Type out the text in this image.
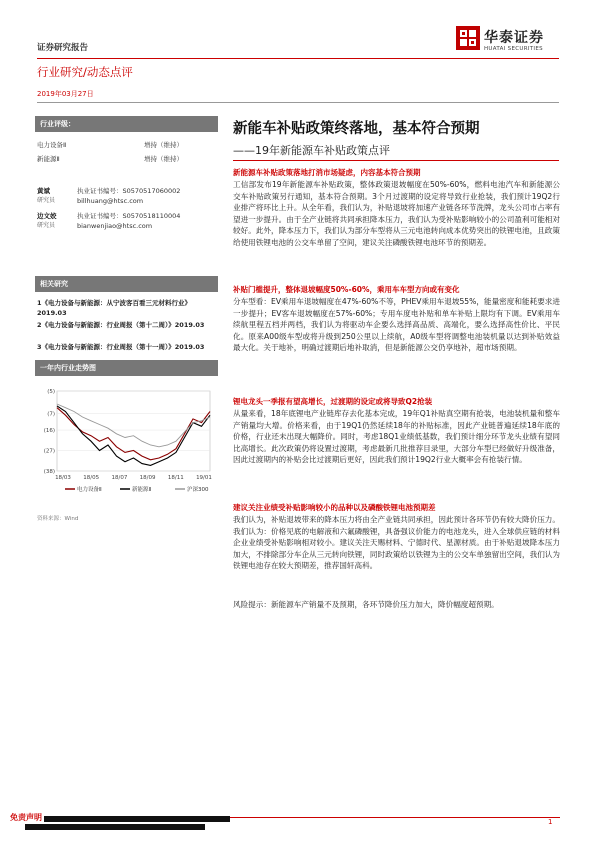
证券研究报告
华泰证券
HUATAI SECURITIES
行业研究/动态点评
2019年03月27日
行业评级：
电力设备Ⅱ	增持（维持）
新能源Ⅱ	增持（维持）
黄斌
研究员
执业证书编号：S0570517060002
billhuang@htsc.com
边文姣
研究员
执业证书编号：S0570518110004
bianwenjiao@htsc.com
相关研究
1《电力设备与新能源：从宁波客百看三元材料行业》2019.03
2《电力设备与新能源：行业周报（第十二周）》2019.03
3《电力设备与新能源：行业周报（第十一周）》2019.03
一年内行业走势图
(5)
(7)
(16)
(27)
(38)
18/03 18/05 18/07 18/09 18/11 19/01
电力设备Ⅱ	新能源Ⅱ	沪深300
资料来源：Wind
新能车补贴政策终落地，基本符合预期
——19年新能源车补贴政策点评
新能源车补贴政策落地打消市场疑虑，内容基本符合预期
工信部发布19年新能源车补贴政策，整体政策退坡幅度在50%-60%，燃料电池汽车和新能源公交车补贴政策另行通知，基本符合预期。3个月过渡期的设定将导致行业抢装，我们预计19Q2行业排产将环比上升。从全年看，我们认为，补贴退坡将加速产业链各环节洗牌，龙头公司市占率有望进一步提升。由于全产业链将共同承担降本压力，我们认为受补贴影响较小的公司盈利可能相对较好。此外，降本压力下，我们认为部分车型将从三元电池转向成本优势突出的铁锂电池，且政策给使用铁锂电池的公交车单留了空间，建议关注磷酸铁锂电池环节的预期差。
补贴门槛提升，整体退坡幅度50%-60%，乘用车车型方向或有变化
分车型看：EV乘用车退坡幅度在47%-60%不等，PHEV乘用车退坡55%，能量密度和能耗要求进一步提升；EV客车退坡幅度在57%-60%；专用车度电补贴和单车补贴上限均有下调。EV乘用车续航里程五档并两档，我们认为将驱动车企要么选择高品质、高端化，要么选择高性价比、平民化。原来A00级车型或将升级到250公里以上续航，A0级车型将调整电池装机量以达到补贴效益最大化。关于地补，明确过渡期后地补取消，但是新能源公交仍享地补，超市场预期。
锂电龙头一季报有望高增长，过渡期的设定或将导致Q2抢装
从量来看，18年底锂电产业链库存去化基本完成，19年Q1补贴真空期有抢装，电池装机量和整车产销量均大增。价格来看，由于19Q1仍然延续18年的补贴标准，因此产业链普遍延续18年底的价格，行业还未出现大幅降价。同时，考虑18Q1业绩低基数，我们预计细分环节龙头业绩有望同比高增长。此次政策仍将设置过渡期，考虑最新几批推荐目录里，大部分车型已经做好升级准备，因此过渡期内的补贴会比过渡期后更好，因此我们预计19Q2行业大概率会有抢装行情。
建议关注业绩受补贴影响较小的品种以及磷酸铁锂电池预期差
我们认为，补贴退坡带来的降本压力将由全产业链共同承担，因此预计各环节仍有较大降价压力。我们认为：价格见底的电解液和六氟磷酸锂，具备强议价能力的电池龙头，进入全球供应链的材料企业业绩受补贴影响相对较小。建议关注天赐材料、宁德时代、星源材质。由于补贴退坡降本压力加大，不排除部分车企从三元转向铁锂，同时政策给以铁锂为主的公交车单独留出空间，我们认为铁锂电池存在较大预期差，推荐国轩高科。
风险提示：新能源车产销量不及预期，各环节降价压力加大，降价幅度超预期。
免责声明	1
